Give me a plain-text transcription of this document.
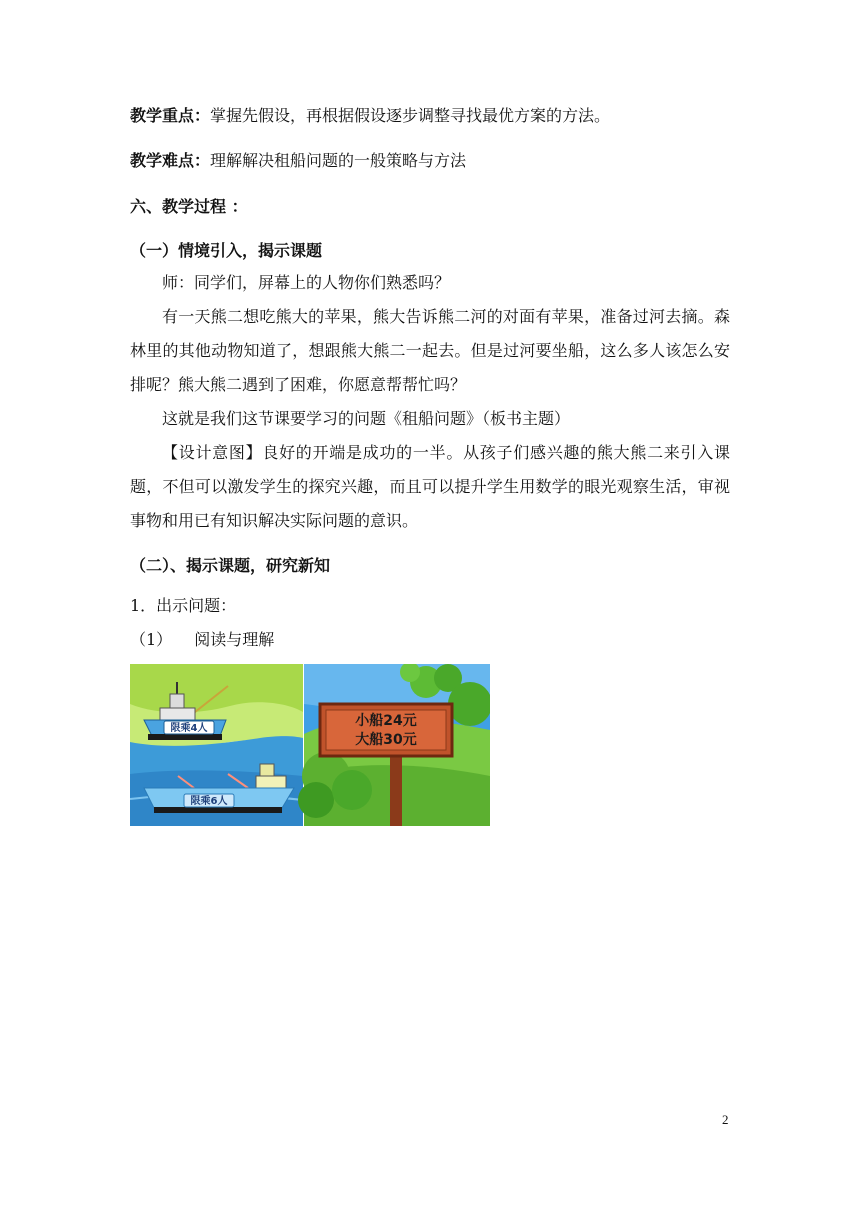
教学重点：掌握先假设，再根据假设逐步调整寻找最优方案的方法。
教学难点：理解解决租船问题的一般策略与方法
六、教学过程 ：
（一）情境引入，揭示课题
师：同学们，屏幕上的人物你们熟悉吗？
有一天熊二想吃熊大的苹果，熊大告诉熊二河的对面有苹果，准备过河去摘。森林里的其他动物知道了，想跟熊大熊二一起去。但是过河要坐船，这么多人该怎么安排呢？熊大熊二遇到了困难，你愿意帮帮忙吗？
这就是我们这节课要学习的问题《租船问题》（板书主题）
【设计意图】良好的开端是成功的一半。从孩子们感兴趣的熊大熊二来引入课题，不但可以激发学生的探究兴趣，而且可以提升学生用数学的眼光观察生活，审视事物和用已有知识解决实际问题的意识。
（二）、揭示课题，研究新知
1．出示问题：
（1） 阅读与理解
限乘4人
限乘6人
小船24元
大船30元
2
